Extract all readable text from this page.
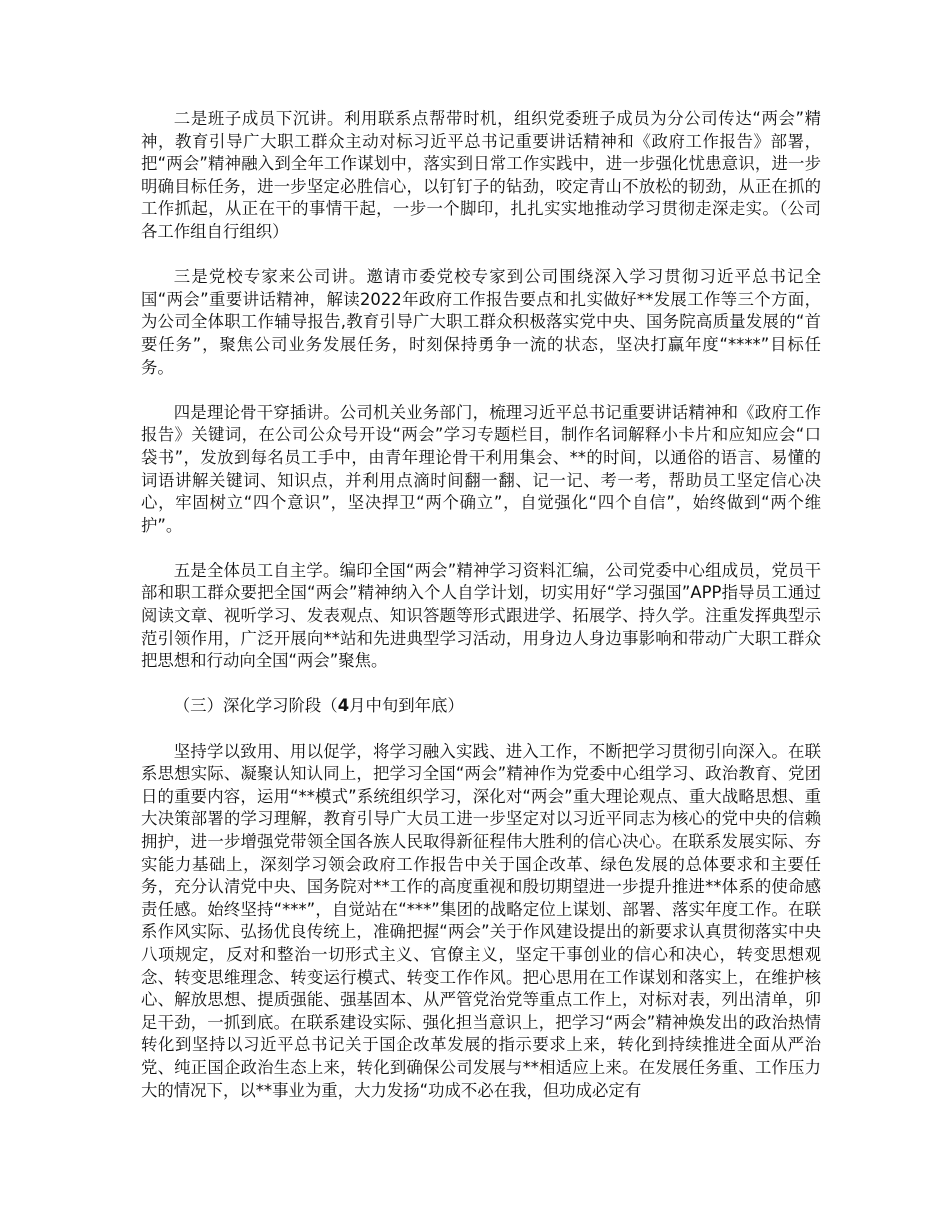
二是班子成员下沉讲。利用联系点帮带时机，组织党委班子成员为分公司传达“两会”精神，教育引导广大职工群众主动对标习近平总书记重要讲话精神和《政府工作报告》部署，把“两会”精神融入到全年工作谋划中，落实到日常工作实践中，进一步强化忧患意识，进一步明确目标任务，进一步坚定必胜信心，以钉钉子的钻劲，咬定青山不放松的韧劲，从正在抓的工作抓起，从正在干的事情干起，一步一个脚印，扎扎实实地推动学习贯彻走深走实。（公司各工作组自行组织）

三是党校专家来公司讲。邀请市委党校专家到公司围绕深入学习贯彻习近平总书记全国“两会”重要讲话精神，解读2022年政府工作报告要点和扎实做好**发展工作等三个方面，为公司全体职工作辅导报告,教育引导广大职工群众积极落实党中央、国务院高质量发展的“首要任务”，聚焦公司业务发展任务，时刻保持勇争一流的状态，坚决打赢年度“****”目标任务。

四是理论骨干穿插讲。公司机关业务部门，梳理习近平总书记重要讲话精神和《政府工作报告》关键词，在公司公众号开设“两会”学习专题栏目，制作名词解释小卡片和应知应会“口袋书”，发放到每名员工手中，由青年理论骨干利用集会、**的时间，以通俗的语言、易懂的词语讲解关键词、知识点，并利用点滴时间翻一翻、记一记、考一考，帮助员工坚定信心决心，牢固树立“四个意识”，坚决捍卫“两个确立”，自觉强化“四个自信”，始终做到“两个维护”。

五是全体员工自主学。编印全国“两会”精神学习资料汇编，公司党委中心组成员，党员干部和职工群众要把全国“两会”精神纳入个人自学计划，切实用好“学习强国”APP指导员工通过阅读文章、视听学习、发表观点、知识答题等形式跟进学、拓展学、持久学。注重发挥典型示范引领作用，广泛开展向**站和先进典型学习活动，用身边人身边事影响和带动广大职工群众把思想和行动向全国“两会”聚焦。

（三）深化学习阶段（4月中旬到年底）

坚持学以致用、用以促学，将学习融入实践、进入工作，不断把学习贯彻引向深入。在联系思想实际、凝聚认知认同上，把学习全国“两会”精神作为党委中心组学习、政治教育、党团日的重要内容，运用“**模式”系统组织学习，深化对“两会”重大理论观点、重大战略思想、重大决策部署的学习理解，教育引导广大员工进一步坚定对以习近平同志为核心的党中央的信赖拥护，进一步增强党带领全国各族人民取得新征程伟大胜利的信心决心。在联系发展实际、夯实能力基础上，深刻学习领会政府工作报告中关于国企改革、绿色发展的总体要求和主要任务，充分认清党中央、国务院对**工作的高度重视和殷切期望进一步提升推进**体系的使命感责任感。始终坚持“***”，自觉站在“***”集团的战略定位上谋划、部署、落实年度工作。在联系作风实际、弘扬优良传统上，准确把握“两会”关于作风建设提出的新要求认真贯彻落实中央八项规定，反对和整治一切形式主义、官僚主义，坚定干事创业的信心和决心，转变思想观念、转变思维理念、转变运行模式、转变工作作风。把心思用在工作谋划和落实上，在维护核心、解放思想、提质强能、强基固本、从严管党治党等重点工作上，对标对表，列出清单，卯足干劲，一抓到底。在联系建设实际、强化担当意识上，把学习“两会”精神焕发出的政治热情转化到坚持以习近平总书记关于国企改革发展的指示要求上来，转化到持续推进全面从严治党、纯正国企政治生态上来，转化到确保公司发展与**相适应上来。在发展任务重、工作压力大的情况下，以**事业为重，大力发扬“功成不必在我，但功成必定有
